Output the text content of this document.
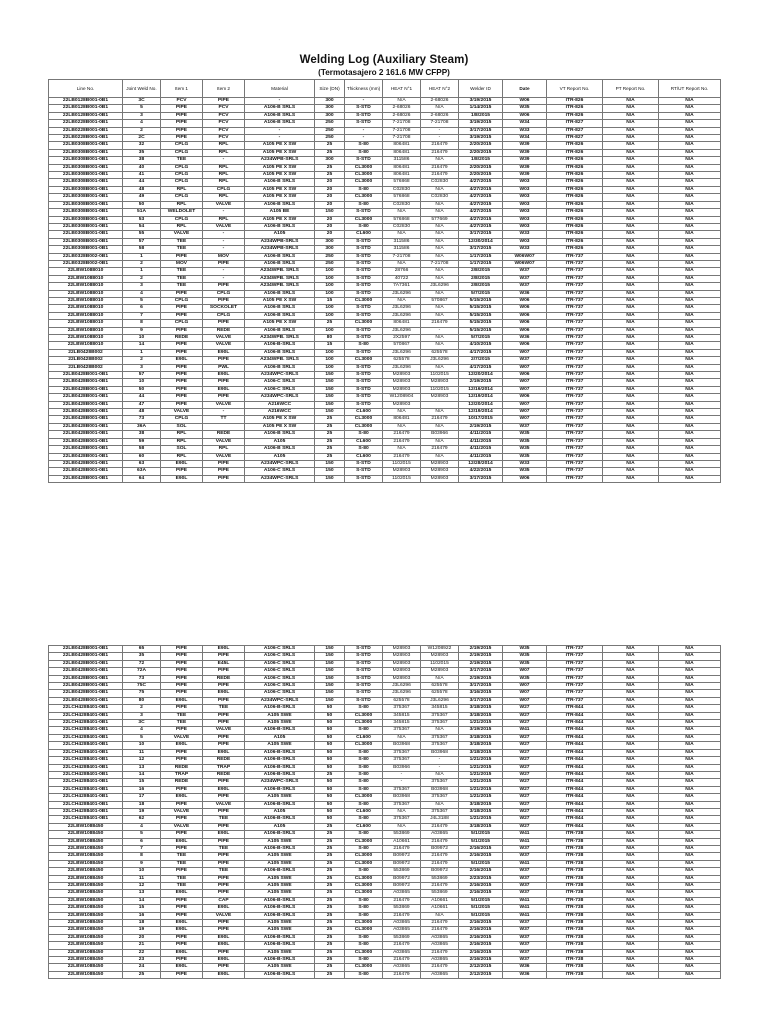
Welding Log (Auxiliary Steam)
(Termotasajero 2 161.6 MW CFPP)
Line No.	Joint Weld No.	Item 1	Item 2	Material	Size (DN)	Thickness (mm)	HEAT N°1	HEAT N°2	Welder ID	Date	VT Report No.	PT Report No.	RT/UT Report No.
22LB0128B001-0B1	3C	PCV	PIPE	-	300	-	N/A	2-68026	3/19/2015	W06	ITR-826	N/A	N/A
22LB0128B001-0B1	5	PIPE	PCV	A106-B SRLS	300	S-STD	2-68026	N/A	1/14/2015	W35	ITR-826	N/A	N/A
22LB0128B001-0B1	3	PIPE	PCV	A106-B SRLS	300	S-STD	2-68026	2-68026	1/8/2015	W06	ITR-826	N/A	N/A
22LB0228B001-0B1	4	PIPE	PCV	A106-B SRLS	250	S-STD	7-21708	7-21708	3/19/2015	W34	ITR-827	N/A	N/A
22LB0228B001-0B1	2	PIPE	PCV	-	250	-	7-21708	-	3/17/2015	W33	ITR-827	N/A	N/A
22LB0228B001-0B1	2C	PIPE	PCV	-	250	-	7-21708	-	3/19/2015	W34	ITR-827	N/A	N/A
22LB0308B001-0B1	32	CPLG	RPL	A105 PE X SW	25	S-80	806481	216479	2/20/2015	W39	ITR-826	N/A	N/A
22LB0308B001-0B1	35	CPLG	RPL	A105 PE X SW	25	S-80	806481	216479	2/20/2015	W39	ITR-826	N/A	N/A
22LB0308B001-0B1	38	TEE	-	A234WPB-SRLS	300	S-STD	311586	N/A	1/8/2015	W39	ITR-826	N/A	N/A
22LB0308B001-0B1	40	CPLG	RPL	A105 PE X SW	25	CL3000	806481	216479	2/20/2015	W39	ITR-826	N/A	N/A
22LB0308B001-0B1	41	CPLG	RPL	A105 PE X SW	25	CL3000	806481	216479	2/20/2015	W39	ITR-826	N/A	N/A
22LB0308B001-0B1	44	CPLG	RPL	A106-B SRLS	20	CL3000	576868	C02830	4/27/2015	W03	ITR-826	N/A	N/A
22LB0308B001-0B1	48	RPL	CPLG	A105 PE X SW	20	S-80	C02830	N/A	4/27/2015	W03	ITR-826	N/A	N/A
22LB0308B001-0B1	49	CPLG	RPL	A105 PE X SW	20	CL3000	576868	C02830	4/27/2015	W03	ITR-826	N/A	N/A
22LB0308B001-0B1	50	RPL	VALVE	A106-B SRLS	20	S-80	C02830	N/A	4/27/2015	W03	ITR-826	N/A	N/A
22LB0308B001-0B1	51A	WELDOLET	-	A105 BE	150	S-STD	N/A	N/A	4/27/2015	W03	ITR-826	N/A	N/A
22LB0308B001-0B1	53	CPLG	RPL	A105 PE X SW	20	CL3000	576868	577669	4/27/2015	W03	ITR-826	N/A	N/A
22LB0308B001-0B1	54	RPL	VALVE	A106-B SRLS	20	S-80	C02830	N/A	4/27/2015	W03	ITR-826	N/A	N/A
22LB0308B001-0B1	55	VALVE	-	A105	20	CL600	N/A	N/A	3/17/2015	W33	ITR-826	N/A	N/A
22LB0308B001-0B1	57	TEE	-	A234WPB-SRLS	300	S-STD	311586	N/A	12/30/2014	W03	ITR-826	N/A	N/A
22LB0308B001-0B1	58	TEE	-	A234WPB-SRLS	300	S-STD	311586	N/A	3/17/2015	W33	ITR-826	N/A	N/A
22LB0328B002-0B1	1	PIPE	MOV	A106-B SRLS	250	S-STD	7-21708	N/A	1/17/2015	W06W07	ITR-737	N/A	N/A
22LB0328B002-0B1	2	MOV	PIPE	A106-B SRLS	250	S-STD	N/A	7-21708	1/17/2015	W06W07	ITR-737	N/A	N/A
22LBW1088010	1	TEE	-	A234WPB. SRLS	100	S-STD	28766	N/A	2/8/2015	W37	ITR-737	N/A	N/A
22LBW1088010	2	TEE	-	A234WPB. SRLS	100	S-STD	40722	N/A	2/8/2015	W37	ITR-737	N/A	N/A
22LBW1088010	3	TEE	PIPE	A234WPB. SRLS	100	S-STD	7A7361	J3L6296	2/8/2015	W37	ITR-737	N/A	N/A
22LBW1088010	4	PIPE	CPLG	A106-B SRLS	100	S-STD	J3L6296	N/A	5/7/2015	W36	ITR-737	N/A	N/A
22LBW1088010	5	CPLG	PIPE	A105 PE X SW	15	CL3000	N/A	570867	5/15/2015	W06	ITR-737	N/A	N/A
22LBW1088010	6	PIPE	SOCKOLET	A106-B SRLS	100	S-STD	J3L6296	N/A	5/15/2015	W06	ITR-737	N/A	N/A
22LBW1088010	7	PIPE	CPLG	A106-B SRLS	100	S-STD	J3L6296	N/A	5/15/2015	W06	ITR-737	N/A	N/A
22LBW1088010	8	CPLG	PIPE	A105 PE X SW	25	CL3000	806481	216479	5/15/2015	W06	ITR-737	N/A	N/A
22LBW1088010	9	PIPE	REDE	A106-B SRLS	100	S-STD	J3L6296	-	5/15/2015	W06	ITR-737	N/A	N/A
22LBW1088010	10	REDE	VALVE	A234WPB. SRLS	80	S-STD	2X2597	N/A	5/7/2015	W36	ITR-737	N/A	N/A
22LBW1088010	14	PIPE	VALVE	A106-B-SRLS	15	S-80	570867	N/A	4/10/2015	W06	ITR-737	N/A	N/A
22LB0428B002	1	PIPE	E90L	A106-B SRLS	100	S-STD	J3L6296	625578	4/17/2015	W07	ITR-737	N/A	N/A
22LB0428B002	2	E90L	PIPE	A234WPB. SRLS	100	CL3000	625578	J3L6296	2/7/2015	W37	ITR-737	N/A	N/A
22LB0428B002	3	PIPE	PWL	A106-B SRLS	100	S-STD	J3L6296	N/A	4/17/2015	W07	ITR-737	N/A	N/A
22LB0428B001-0B1	57	PIPE	E90L	A234WPC-SRLS	150	S-STD	M28903	1102015	12/20/2014	W06	ITR-737	N/A	N/A
22LB0428B001-0B1	10	PIPE	PIPE	A106-C SRLS	150	S-STD	M28903	M28903	2/19/2015	W07	ITR-737	N/A	N/A
22LB0428B001-0B1	50	PIPE	E90L	A106-C SRLS	150	S-STD	M28903	1102015	12/16/2014	W07	ITR-737	N/A	N/A
22LB0428B001-0B1	44	PIPE	PIPE	A234WPC-SRLS	150	S-STD	W1208904	M28903	12/19/2014	W06	ITR-737	N/A	N/A
22LB0428B001-0B1	47	PIPE	VALVE	A216WCC	150	S-STD	M28903		12/20/2014	W07	ITR-737	N/A	N/A
22LB0428B001-0B1	48	VALVE	-	A216WCC	150	CL600	N/A	N/A	12/19/2014	W07	ITR-737	N/A	N/A
22LB0428B001-0B1	73	CPLG	TT	A105 PE X SW	25	CL3000	806481	216479	10/17/2015	W07	ITR-737	N/A	N/A
22LB0428B001-0B1	36A	SOL		A105 PE X SW	25	CL3000	N/A	N/A	2/19/2015	W37	ITR-737	N/A	N/A
22LB0428B001-0B1	38	RPL	REDE	A106-B SRLS	25	S-80	216479	B03966	4/11/2015	W35	ITR-737	N/A	N/A
22LB0428B001-0B1	59	RPL	VALVE	A105	25	CL600	216479	N/A	4/11/2015	W35	ITR-737	N/A	N/A
22LB0428B001-0B1	58	SOL	RPL	A106-B SRLS	25	S-80	N/A	216479	4/11/2015	W35	ITR-737	N/A	N/A
22LB0428B001-0B1	60	RPL	VALVE	A105	25	CL600	216479	N/A	4/11/2015	W35	ITR-737	N/A	N/A
22LB0428B001-0B1	63	E90L	PIPE	A234WPC-SRLS	150	S-STD	1102015	M28903	12/28/2014	W33	ITR-737	N/A	N/A
22LB0428B001-0B1	63A	PIPE	PIPE	A106-C SRLS	150	S-STD	M28903	M28903	4/22/2015	W35	ITR-737	N/A	N/A
22LB0428B001-0B1	64	E90L	PIPE	A234WPC-SRLS	150	S-STD	1102015	M28903	3/17/2015	W06	ITR-737	N/A	N/A
22LB0428B001-0B1	65	PIPE	E90L	A106-C SRLS	150	S-STD	M28903	W1208922	2/19/2015	W35	ITR-737	N/A	N/A
22LB0428B001-0B1	35	PIPE	PIPE	A106-C SRLS	150	S-STD	M28903	M28903	2/19/2015	W35	ITR-737	N/A	N/A
22LB0428B001-0B1	72	PIPE	E45L	A106-C SRLS	150	S-STD	M28903	1102015	2/19/2015	W35	ITR-737	N/A	N/A
22LB0428B001-0B1	72A	PIPE	PIPE	A106-C SRLS	150	S-STD	M28903	M28903	3/17/2015	W07	ITR-737	N/A	N/A
22LB0428B001-0B1	73	PIPE	REDE	A106-C SRLS	150	S-STD	M28903	N/A	2/19/2015	W35	ITR-737	N/A	N/A
22LB0428B001-0B1	75C	PIPE	PIPE	A106-C SRLS	150	S-STD	J3L6296	625578	3/17/2015	W07	ITR-737	N/A	N/A
22LB0428B001-0B1	75	PIPE	E90L	A106-C SRLS	150	S-STD	J3L6296	625578	3/16/2015	W07	ITR-737	N/A	N/A
22LB0428B001-0B1	80	E90L	PIPE	A234WPC-SRLS	150	S-STD	625578	J3L6296	3/17/2015	W07	ITR-737	N/A	N/A
22LCH4288401-0B1	2	PIPE	TEE	A106-B-SRLS	50	S-80	375367	345815	3/18/2015	W27	ITR-844	N/A	N/A
22LCH4288401-0B1	3	TEE	PIPE	A105 SWE	50	CL3000	345815	375367	3/18/2015	W27	ITR-844	N/A	N/A
22LCH4288401-0B1	3C	TEE	PIPE	A105 SWE	50	CL3000	345815	375367	1/21/2015	W27	ITR-844	N/A	N/A
22LCH4288401-0B1	4	PIPE	VALVE	A106-B-SRLS	50	S-80	375367	N/A	3/19/2015	W41	ITR-844	N/A	N/A
22LCH4288401-0B1	5	VALVE	PIPE	A105	50	CL600	N/A	375367	3/18/2015	W27	ITR-844	N/A	N/A
22LCH4288401-0B1	10	E90L	PIPE	A105 SWE	50	CL3000	B03968	375367	3/18/2015	W27	ITR-844	N/A	N/A
22LCH4288401-0B1	11	PIPE	E90L	A106-B-SRLS	50	S-80	375367	B03968	3/18/2015	W27	ITR-844	N/A	N/A
22LCH4288401-0B1	12	PIPE	REDE	A106-B-SRLS	50	S-80	375367	-	1/21/2015	W27	ITR-844	N/A	N/A
22LCH4288401-0B1	13	REDE	TRAP	A106-B-SRLS	50	S-80	B03966	-	1/21/2015	W27	ITR-844	N/A	N/A
22LCH4288401-0B1	14	TRAP	REDE	A106-B-SRLS	25	S-80	-	N/A	1/21/2015	W27	ITR-844	N/A	N/A
22LCH4288401-0B1	15	REDE	PIPE	A234WPC-SRLS	50	S-80	-	375367	1/21/2015	W27	ITR-844	N/A	N/A
22LCH4288401-0B1	16	PIPE	E90L	A106-B-SRLS	50	S-80	375367	B03968	1/21/2015	W27	ITR-844	N/A	N/A
22LCH4288401-0B1	17	E90L	PIPE	A105 SWE	50	CL3000	B03968	375367	1/21/2015	W27	ITR-844	N/A	N/A
22LCH4288401-0B1	18	PIPE	VALVE	A106-B-SRLS	50	S-80	375367	N/A	3/18/2015	W27	ITR-844	N/A	N/A
22LCH4288401-0B1	19	VALVE	PIPE	A105	50	CL600	N/A	375367	3/18/2015	W27	ITR-844	N/A	N/A
22LCH4288401-0B1	62	PIPE	TEE	A106-B-SRLS	50	S-80	375367	J4L3188	1/21/2015	W27	ITR-844	N/A	N/A
22LBW1088450	4	VALVE	PIPE	A105	25	CL600	N/A	216479	3/18/2015	W27	ITR-844	N/A	N/A
22LBW1088450	5	PIPE	E90L	A106-B-SRLS	25	S-80	553869	A03865	5/1/2015	W41	ITR-738	N/A	N/A
22LBW1088450	6	E90L	PIPE	A105 SWE	25	CL3000	A10661	216479	5/1/2015	W41	ITR-738	N/A	N/A
22LBW1088450	7	PIPE	TEE	A106-B-SRLS	25	S-80	216479	B09972	2/16/2015	W37	ITR-738	N/A	N/A
22LBW1088450	8	TEE	PIPE	A105 SWE	25	CL3000	B09972	216479	2/16/2015	W37	ITR-738	N/A	N/A
22LBW1088450	9	TEE	PIPE	A105 SWE	25	CL3000	B09972	216479	5/1/2015	W41	ITR-738	N/A	N/A
22LBW1088450	10	PIPE	TEE	A106-B-SRLS	25	S-80	553869	B09972	2/16/2015	W37	ITR-738	N/A	N/A
22LBW1088450	11	TEE	PIPE	A105 SWE	25	CL3000	B09972	553869	2/23/2015	W37	ITR-738	N/A	N/A
22LBW1088450	12	TEE	PIPE	A105 SWE	25	CL3000	B09972	216479	2/16/2015	W37	ITR-738	N/A	N/A
22LBW1088450	13	E90L	PIPE	A105 SWE	25	CL3000	A03865	553869	2/16/2015	W37	ITR-738	N/A	N/A
22LBW1088450	14	PIPE	CAP	A106-B-SRLS	25	S-80	216479	A10661	5/1/2015	W41	ITR-738	N/A	N/A
22LBW1088450	15	PIPE	E90L	A106-B-SRLS	25	S-80	553869	A10661	5/1/2015	W41	ITR-738	N/A	N/A
22LBW1088450	16	PIPE	VALVE	A106-B-SRLS	25	S-80	216479	N/A	5/1/2015	W41	ITR-738	N/A	N/A
22LBW1088450	18	E90L	PIPE	A105 SWE	25	CL3000	A03865	216479	2/16/2015	W37	ITR-738	N/A	N/A
22LBW1088450	19	E90L	PIPE	A105 SWE	25	CL3000	A03865	216479	2/16/2015	W37	ITR-738	N/A	N/A
22LBW1088450	20	PIPE	E90L	A106-B-SRLS	25	S-80	553869	A03865	2/16/2015	W37	ITR-738	N/A	N/A
22LBW1088450	21	PIPE	E90L	A106-B-SRLS	25	S-80	216479	A03865	2/16/2015	W37	ITR-738	N/A	N/A
22LBW1088450	22	E90L	PIPE	A105 SWE	25	CL3000	A03865	216479	2/16/2015	W37	ITR-738	N/A	N/A
22LBW1088450	23	PIPE	E90L	A106-B-SRLS	25	S-80	216479	A03865	2/16/2015	W37	ITR-738	N/A	N/A
22LBW1088450	24	E90L	PIPE	A105 SWE	25	CL3000	A03865	216479	2/12/2015	W36	ITR-738	N/A	N/A
22LBW1088450	25	PIPE	E90L	A106-B-SRLS	25	S-80	216479	A03865	2/12/2015	W36	ITR-738	N/A	N/A
